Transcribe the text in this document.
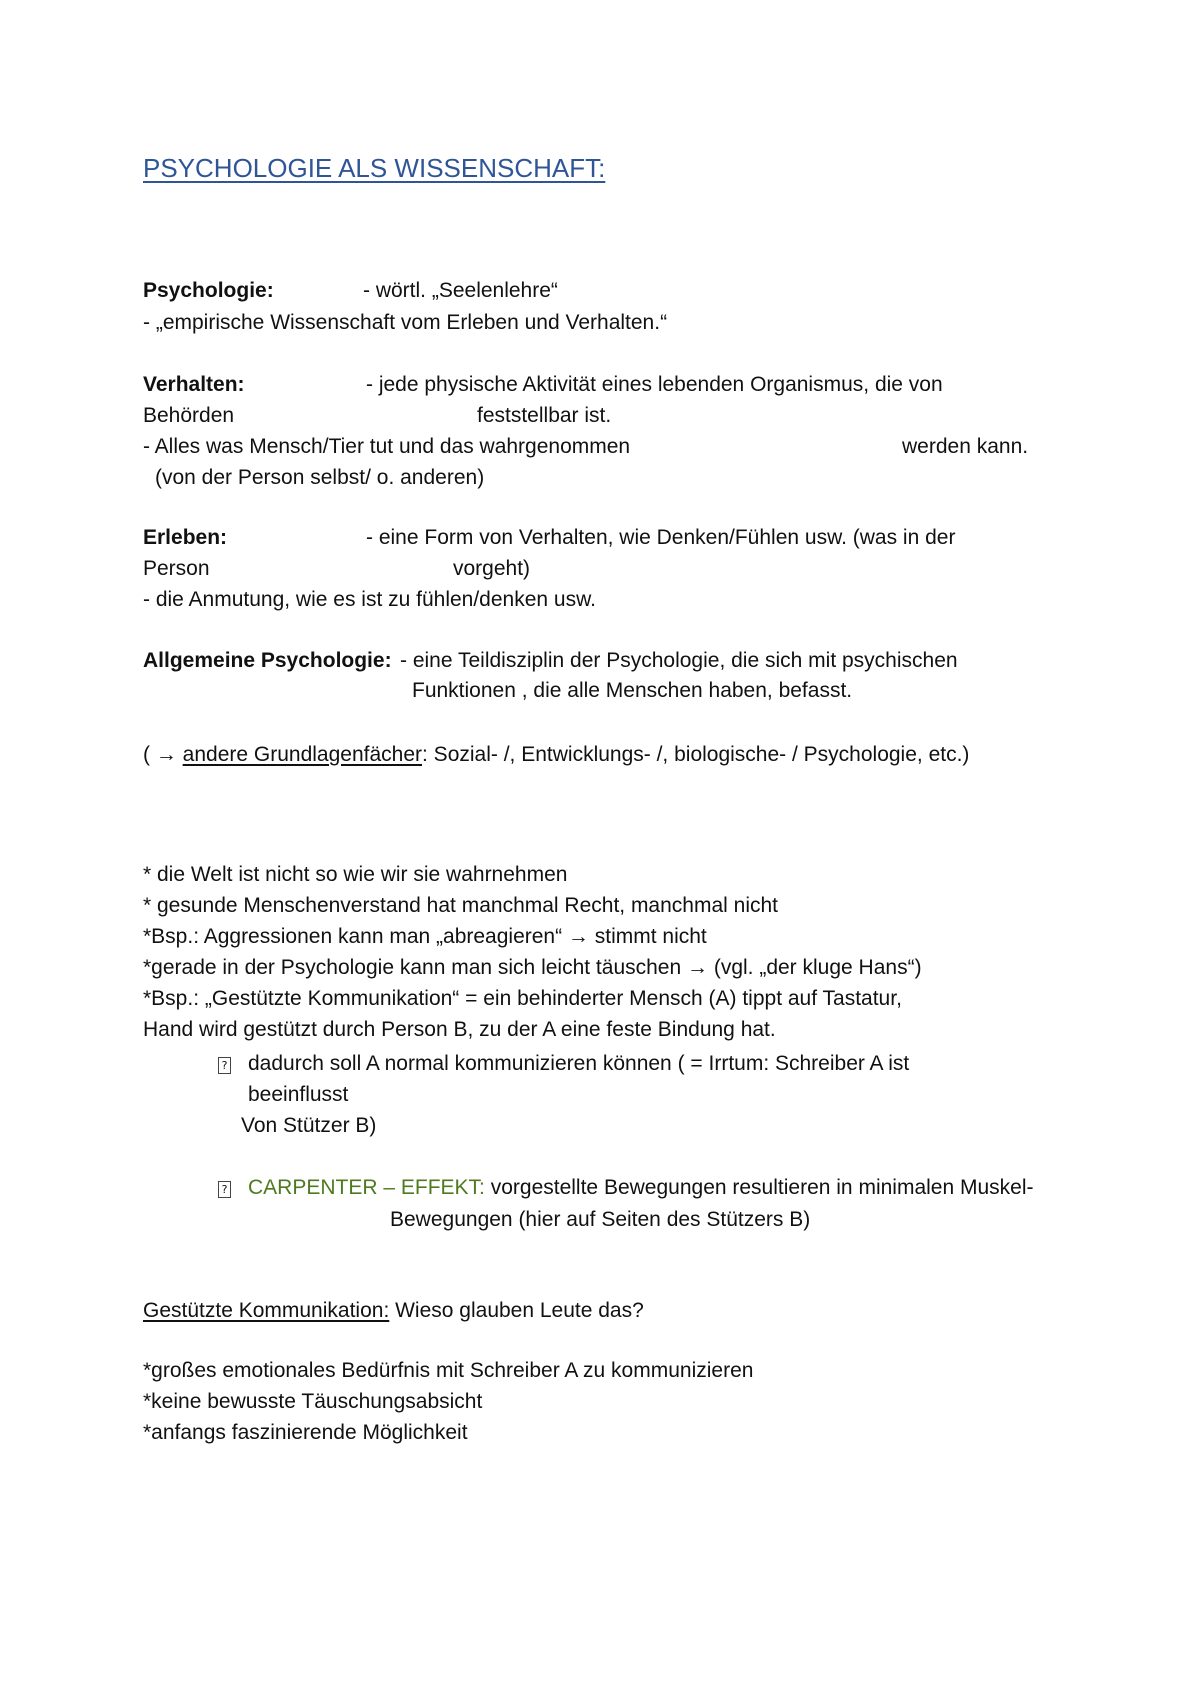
PSYCHOLOGIE ALS WISSENSCHAFT:
Psychologie:	- wörtl. „Seelenlehre“
- „empirische Wissenschaft vom Erleben und Verhalten.“
Verhalten:	- jede physische Aktivität eines lebenden Organismus, die von
Behörden	feststellbar ist.
- Alles was Mensch/Tier tut und das wahrgenommen	werden kann.
(von der Person selbst/ o. anderen)
Erleben:	- eine Form von Verhalten, wie Denken/Fühlen usw. (was in der
Person	vorgeht)
- die Anmutung, wie es ist zu fühlen/denken usw.
Allgemeine Psychologie: - eine Teildisziplin der Psychologie, die sich mit psychischen
Funktionen , die alle Menschen haben, befasst.
( → andere Grundlagenfächer: Sozial- /, Entwicklungs- /, biologische- / Psychologie, etc.)
* die Welt ist nicht so wie wir sie wahrnehmen
* gesunde Menschenverstand hat manchmal Recht, manchmal nicht
*Bsp.: Aggressionen kann man „abreagieren“ → stimmt nicht
*gerade in der Psychologie kann man sich leicht täuschen → (vgl. „der kluge Hans“)
*Bsp.: „Gestützte Kommunikation“ = ein behinderter Mensch (A) tippt auf Tastatur,
Hand wird gestützt durch Person B, zu der A eine feste Bindung hat.
?
dadurch soll A normal kommunizieren können ( = Irrtum: Schreiber A ist
beeinflusst
Von Stützer B)
?
CARPENTER – EFFEKT: vorgestellte Bewegungen resultieren in minimalen Muskel-
Bewegungen (hier auf Seiten des Stützers B)
Gestützte Kommunikation: Wieso glauben Leute das?
*großes emotionales Bedürfnis mit Schreiber A zu kommunizieren
*keine bewusste Täuschungsabsicht
*anfangs faszinierende Möglichkeit
